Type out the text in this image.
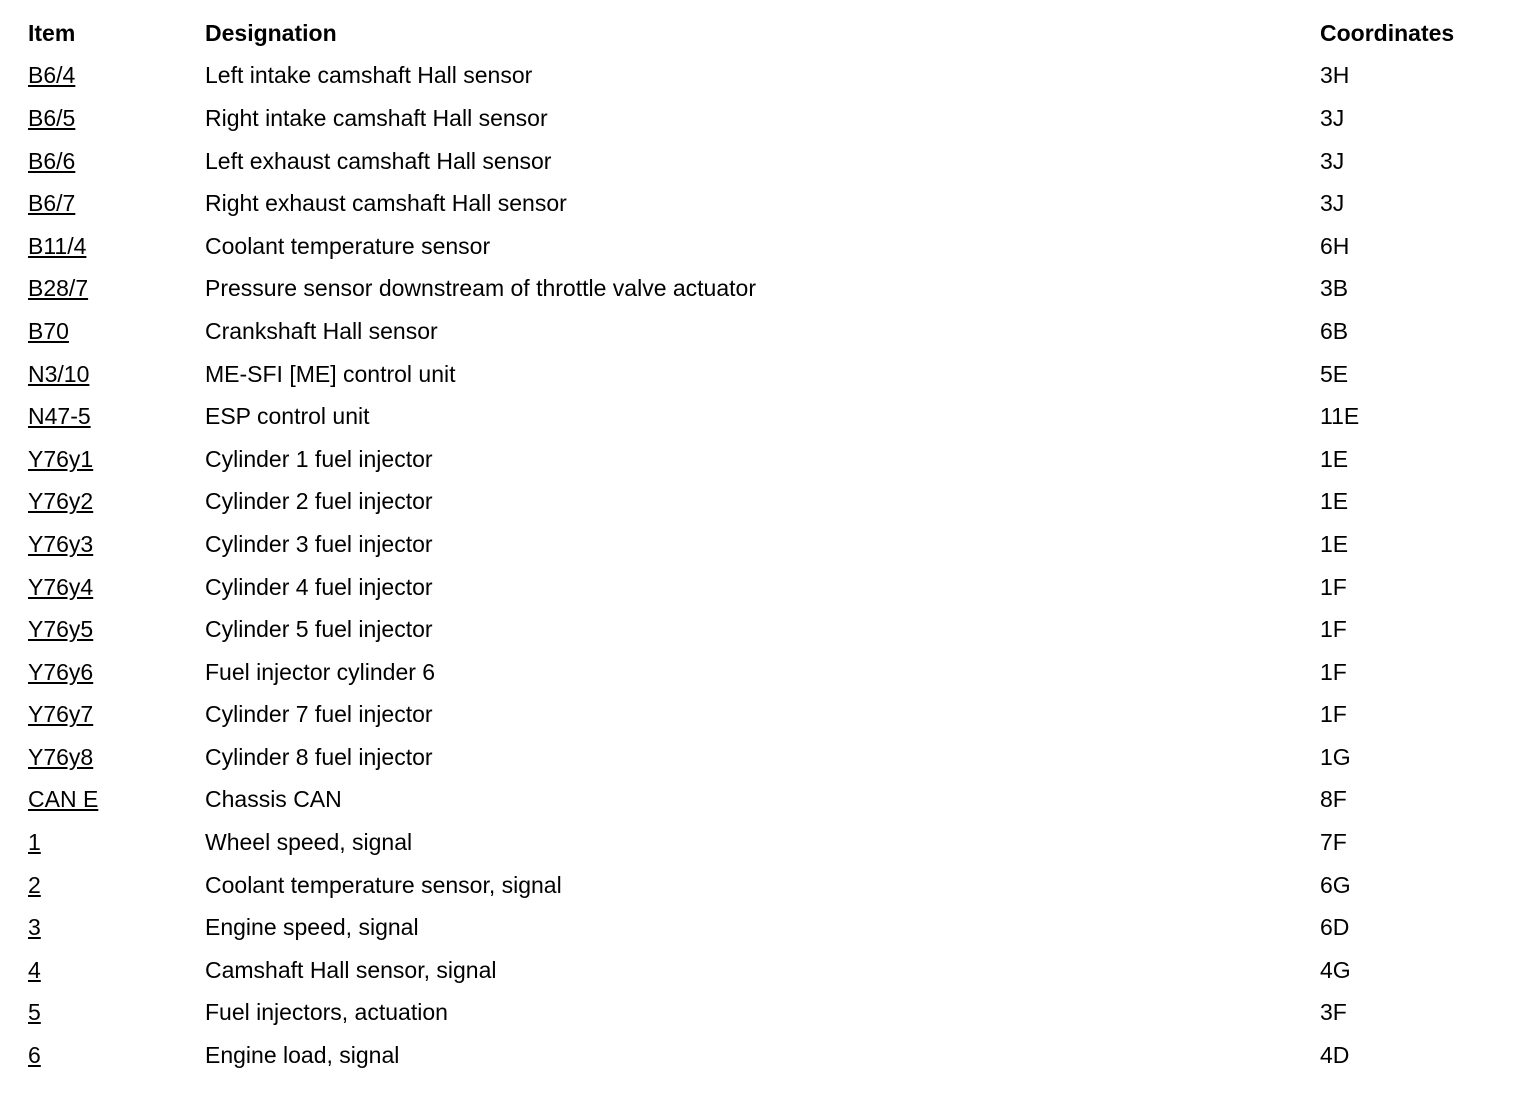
Item	Designation	Coordinates
B6/4	Left intake camshaft Hall sensor	3H
B6/5	Right intake camshaft Hall sensor	3J
B6/6	Left exhaust camshaft Hall sensor	3J
B6/7	Right exhaust camshaft Hall sensor	3J
B11/4	Coolant temperature sensor	6H
B28/7	Pressure sensor downstream of throttle valve actuator	3B
B70	Crankshaft Hall sensor	6B
N3/10	ME-SFI [ME] control unit	5E
N47-5	ESP control unit	11E
Y76y1	Cylinder 1 fuel injector	1E
Y76y2	Cylinder 2 fuel injector	1E
Y76y3	Cylinder 3 fuel injector	1E
Y76y4	Cylinder 4 fuel injector	1F
Y76y5	Cylinder 5 fuel injector	1F
Y76y6	Fuel injector cylinder 6	1F
Y76y7	Cylinder 7 fuel injector	1F
Y76y8	Cylinder 8 fuel injector	1G
CAN E	Chassis CAN	8F
1	Wheel speed, signal	7F
2	Coolant temperature sensor, signal	6G
3	Engine speed, signal	6D
4	Camshaft Hall sensor, signal	4G
5	Fuel injectors, actuation	3F
6	Engine load, signal	4D
